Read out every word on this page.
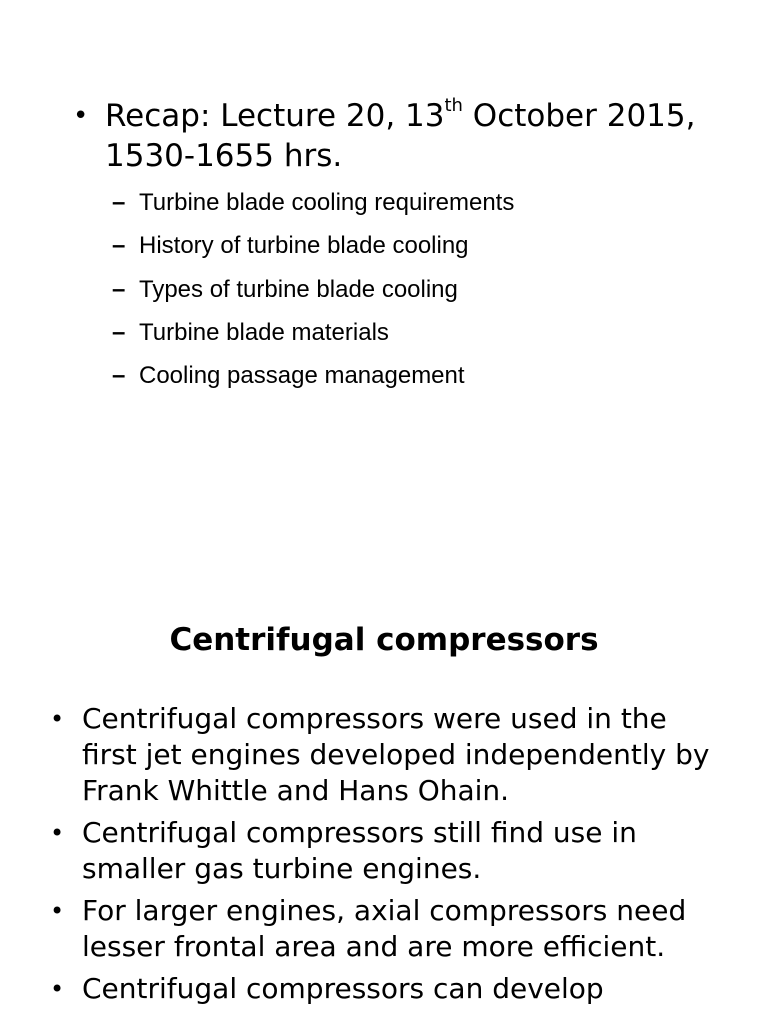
• Recap: Lecture 20, 13th October 2015, 1530-1655 hrs.
– Turbine blade cooling requirements
– History of turbine blade cooling
– Types of turbine blade cooling
– Turbine blade materials
– Cooling passage management
Centrifugal compressors
• Centrifugal compressors were used in the first jet engines developed independently by Frank Whittle and Hans Ohain.
• Centrifugal compressors still find use in smaller gas turbine engines.
• For larger engines, axial compressors need lesser frontal area and are more efficient.
• Centrifugal compressors can develop
